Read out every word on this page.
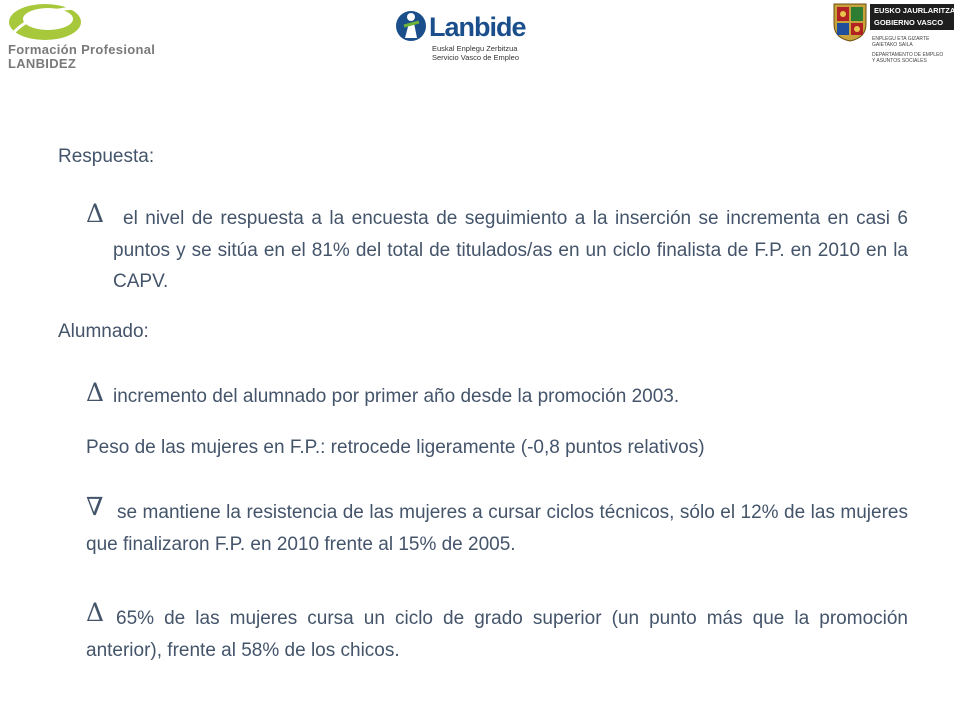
Formación Profesional
LANBIDEZ
Lanbide
Euskal Enplegu Zerbitzua
Servicio Vasco de Empleo
EUSKO JAURLARITZA
GOBIERNO VASCO
ENPLEGU ETA GIZARTE
GAIETAKO SAILA
DEPARTAMENTO DE EMPLEO
Y ASUNTOS SOCIALES
Respuesta:
Δ el nivel de respuesta a la encuesta de seguimiento a la inserción se incrementa en casi 6 puntos y se sitúa en el 81% del total de titulados/as en un ciclo finalista de F.P. en 2010 en la CAPV.
Alumnado:
Δ incremento del alumnado por primer año desde la promoción 2003.
Peso de las mujeres en F.P.: retrocede ligeramente (-0,8 puntos relativos)
∇ se mantiene la resistencia de las mujeres a cursar ciclos técnicos, sólo el 12% de las mujeres que finalizaron F.P. en 2010 frente al 15% de 2005.
Δ 65% de las mujeres cursa un ciclo de grado superior (un punto más que la promoción anterior), frente al 58% de los chicos.
